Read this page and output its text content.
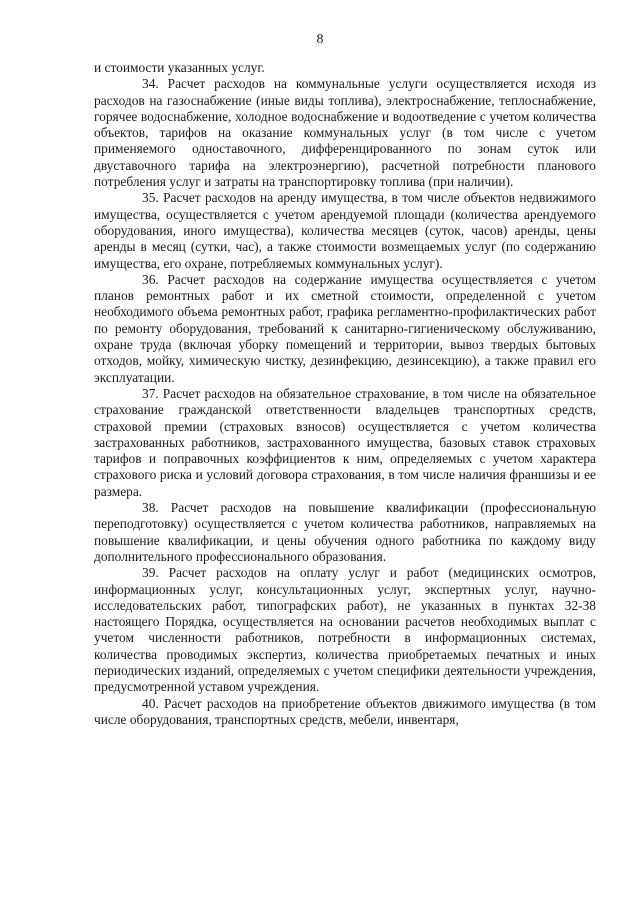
8

и стоимости указанных услуг.

34. Расчет расходов на коммунальные услуги осуществляется исходя из расходов на газоснабжение (иные виды топлива), электроснабжение, теплоснабжение, горячее водоснабжение, холодное водоснабжение и водоотведение с учетом количества объектов, тарифов на оказание коммунальных услуг (в том числе с учетом применяемого одноставочного, дифференцированного по зонам суток или двуставочного тарифа на электроэнергию), расчетной потребности планового потребления услуг и затраты на транспортировку топлива (при наличии).

35. Расчет расходов на аренду имущества, в том числе объектов недвижимого имущества, осуществляется с учетом арендуемой площади (количества арендуемого оборудования, иного имущества), количества месяцев (суток, часов) аренды, цены аренды в месяц (сутки, час), а также стоимости возмещаемых услуг (по содержанию имущества, его охране, потребляемых коммунальных услуг).

36. Расчет расходов на содержание имущества осуществляется с учетом планов ремонтных работ и их сметной стоимости, определенной с учетом необходимого объема ремонтных работ, графика регламентно-профилактических работ по ремонту оборудования, требований к санитарно-гигиеническому обслуживанию, охране труда (включая уборку помещений и территории, вывоз твердых бытовых отходов, мойку, химическую чистку, дезинфекцию, дезинсекцию), а также правил его эксплуатации.

37. Расчет расходов на обязательное страхование, в том числе на обязательное страхование гражданской ответственности владельцев транспортных средств, страховой премии (страховых взносов) осуществляется с учетом количества застрахованных работников, застрахованного имущества, базовых ставок страховых тарифов и поправочных коэффициентов к ним, определяемых с учетом характера страхового риска и условий договора страхования, в том числе наличия франшизы и ее размера.

38. Расчет расходов на повышение квалификации (профессиональную переподготовку) осуществляется с учетом количества работников, направляемых на повышение квалификации, и цены обучения одного работника по каждому виду дополнительного профессионального образования.

39. Расчет расходов на оплату услуг и работ (медицинских осмотров, информационных услуг, консультационных услуг, экспертных услуг, научно-исследовательских работ, типографских работ), не указанных в пунктах 32-38 настоящего Порядка, осуществляется на основании расчетов необходимых выплат с учетом численности работников, потребности в информационных системах, количества проводимых экспертиз, количества приобретаемых печатных и иных периодических изданий, определяемых с учетом специфики деятельности учреждения, предусмотренной уставом учреждения.

40. Расчет расходов на приобретение объектов движимого имущества (в том числе оборудования, транспортных средств, мебели, инвентаря,
